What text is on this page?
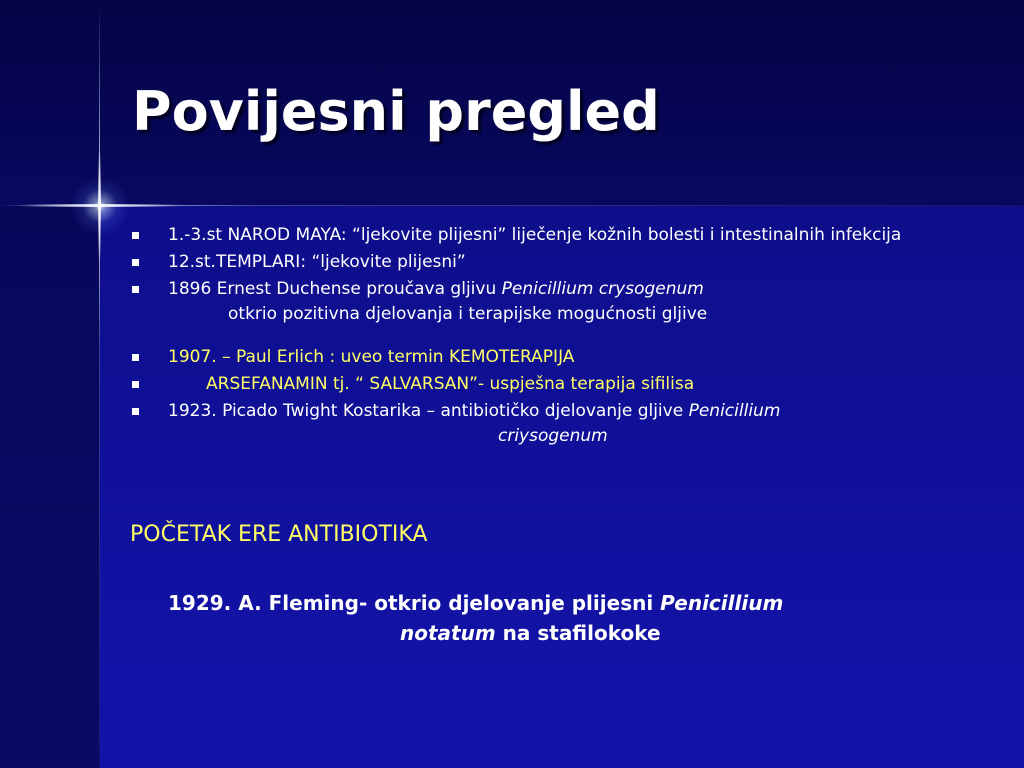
Povijesni pregled
1.-3.st NAROD MAYA: “ljekovite plijesni” liječenje kožnih bolesti i intestinalnih infekcija
12.st.TEMPLARI: “ljekovite plijesni”
1896 Ernest Duchense proučava gljivu Penicillium crysogenum
otkrio pozitivna djelovanja i terapijske mogućnosti gljive
1907. – Paul Erlich : uveo termin KEMOTERAPIJA
ARSEFANAMIN tj. “ SALVARSAN”- uspješna terapija sifilisa
1923. Picado Twight Kostarika – antibiotičko djelovanje gljive Penicillium
criysogenum

POČETAK ERE ANTIBIOTIKA

1929. A. Fleming- otkrio djelovanje plijesni Penicillium
notatum na stafilokoke
